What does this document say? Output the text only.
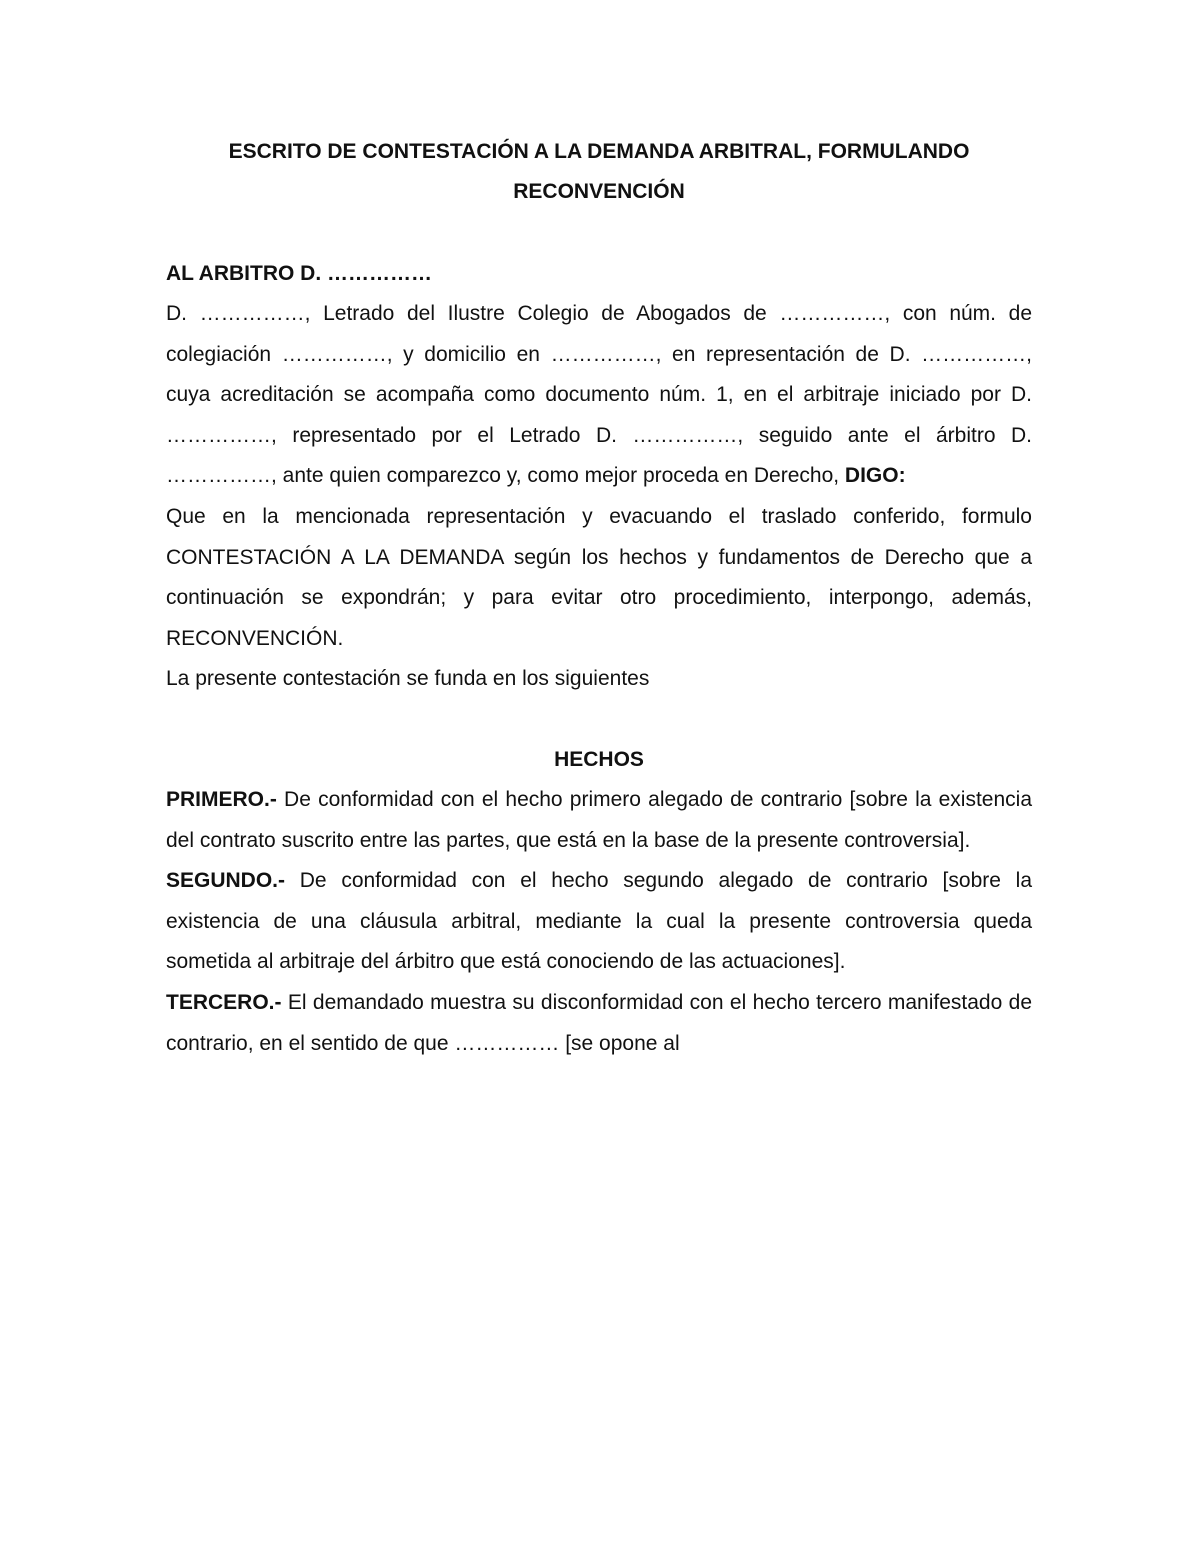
ESCRITO DE CONTESTACIÓN A LA DEMANDA ARBITRAL, FORMULANDO
RECONVENCIÓN

AL ARBITRO D. ……………

D. ……………, Letrado del Ilustre Colegio de Abogados de ……………, con núm. de colegiación ……………, y domicilio en ……………, en representación de D. ……………, cuya acreditación se acompaña como documento núm. 1, en el arbitraje iniciado por D. ……………, representado por el Letrado D. ……………, seguido ante el árbitro D. ……………, ante quien comparezco y, como mejor proceda en Derecho, DIGO:

Que en la mencionada representación y evacuando el traslado conferido, formulo CONTESTACIÓN A LA DEMANDA según los hechos y fundamentos de Derecho que a continuación se expondrán; y para evitar otro procedimiento, interpongo, además, RECONVENCIÓN.

La presente contestación se funda en los siguientes

HECHOS

PRIMERO.- De conformidad con el hecho primero alegado de contrario [sobre la existencia del contrato suscrito entre las partes, que está en la base de la presente controversia].

SEGUNDO.- De conformidad con el hecho segundo alegado de contrario [sobre la existencia de una cláusula arbitral, mediante la cual la presente controversia queda sometida al arbitraje del árbitro que está conociendo de las actuaciones].

TERCERO.- El demandado muestra su disconformidad con el hecho tercero manifestado de contrario, en el sentido de que …………… [se opone al
